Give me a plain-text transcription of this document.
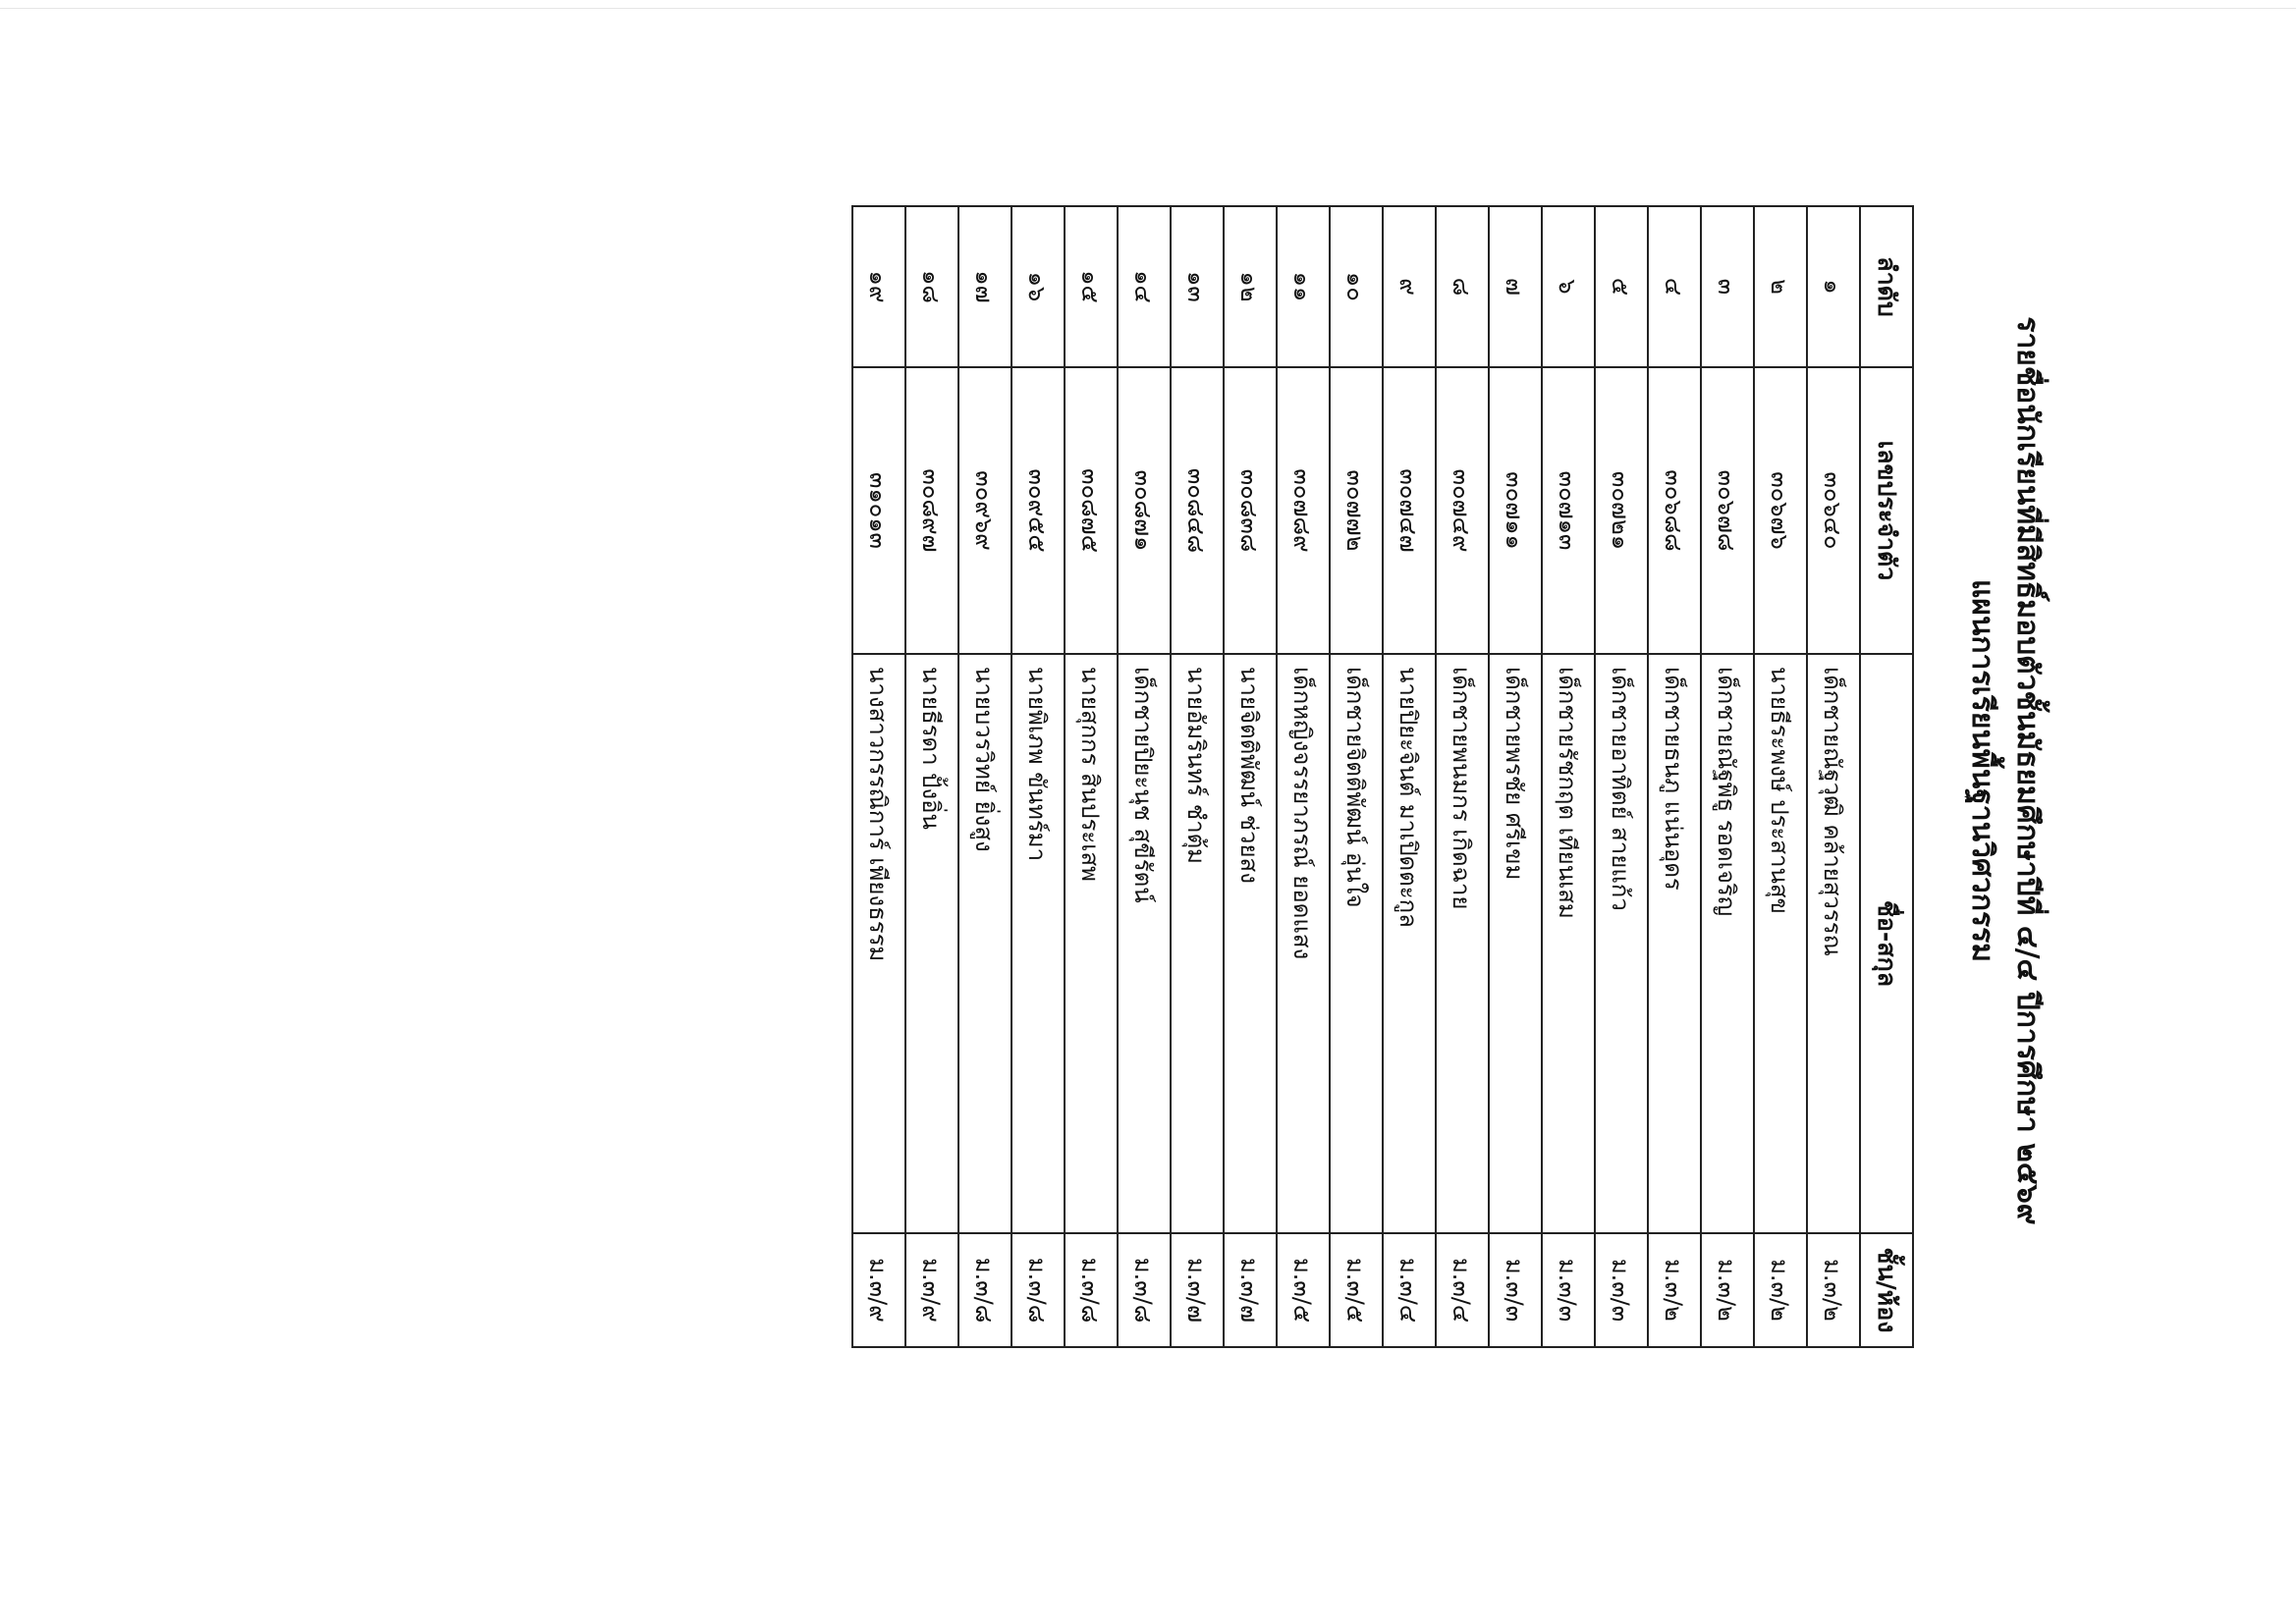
รายชื่อนักเรียนที่มีสิทธิ์มอบตัวชั้นมัธยมศึกษาปีที่ ๔/๔ ปีการศึกษา ๒๕๖๙
แผนการเรียนพื้นฐานวิศวกรรม
ลำดับ	เลขประจำตัว	ชื่อ-สกุล	ชั้น/ห้อง
๑	๓๐๖๔๐	เด็กชายณัฐวุฒิ คล้ายสุวรรณ	ม.๓/๒
๒	๓๐๖๗๖	นายธีระพงษ์ ประสานสุข	ม.๓/๒
๓	๓๐๖๗๘	เด็กชายณัฐพิธู รอดเจริญ	ม.๓/๒
๔	๓๐๖๘๘	เด็กชายธนภู แน่นอุดร	ม.๓/๒
๕	๓๐๗๒๑	เด็กชายอาทิตย์ สายแก้ว	ม.๓/๓
๖	๓๐๗๑๓	เด็กชายรัชกฤต เทียนเสม	ม.๓/๓
๗	๓๐๗๑๑	เด็กชายพรชัย ศรีเขม	ม.๓/๓
๘	๓๐๗๔๙	เด็กชายพนมกร เกิดฉาย	ม.๓/๔
๙	๓๐๗๔๗	นายปิยะจินต์ มาเปิดตะกูล	ม.๓/๔
๑๐	๓๐๗๗๒	เด็กชายจิตติพัฒน์ อุ่นใจ	ม.๓/๕
๑๑	๓๐๗๘๙	เด็กหญิงจรรยาภรณ์ ยอดแสง	ม.๓/๕
๑๒	๓๐๘๓๘	นายจิตติพัฒน์ ช่วยสง	ม.๓/๗
๑๓	๓๐๘๔๘	นายอัมรินทร์ ชำตุ้ม	ม.๓/๗
๑๔	๓๐๘๗๑	เด็กชายปิยะนุช สุขีรัตน์	ม.๓/๘
๑๕	๓๐๘๗๕	นายสุกกร สินประเสพ	ม.๓/๘
๑๖	๓๐๙๕๕	นายพิเภพ ขันทร์มา	ม.๓/๘
๑๗	๓๐๙๖๙	นายบวรวิทย์ ยิ่งสูง	ม.๓/๘
๑๘	๓๐๘๙๗	นายธีรดา ปั้งอิ่น	ม.๓/๙
๑๙	๓๑๐๑๓	นางสาวกรรณิการ์ เพียงธรรม	ม.๓/๙
